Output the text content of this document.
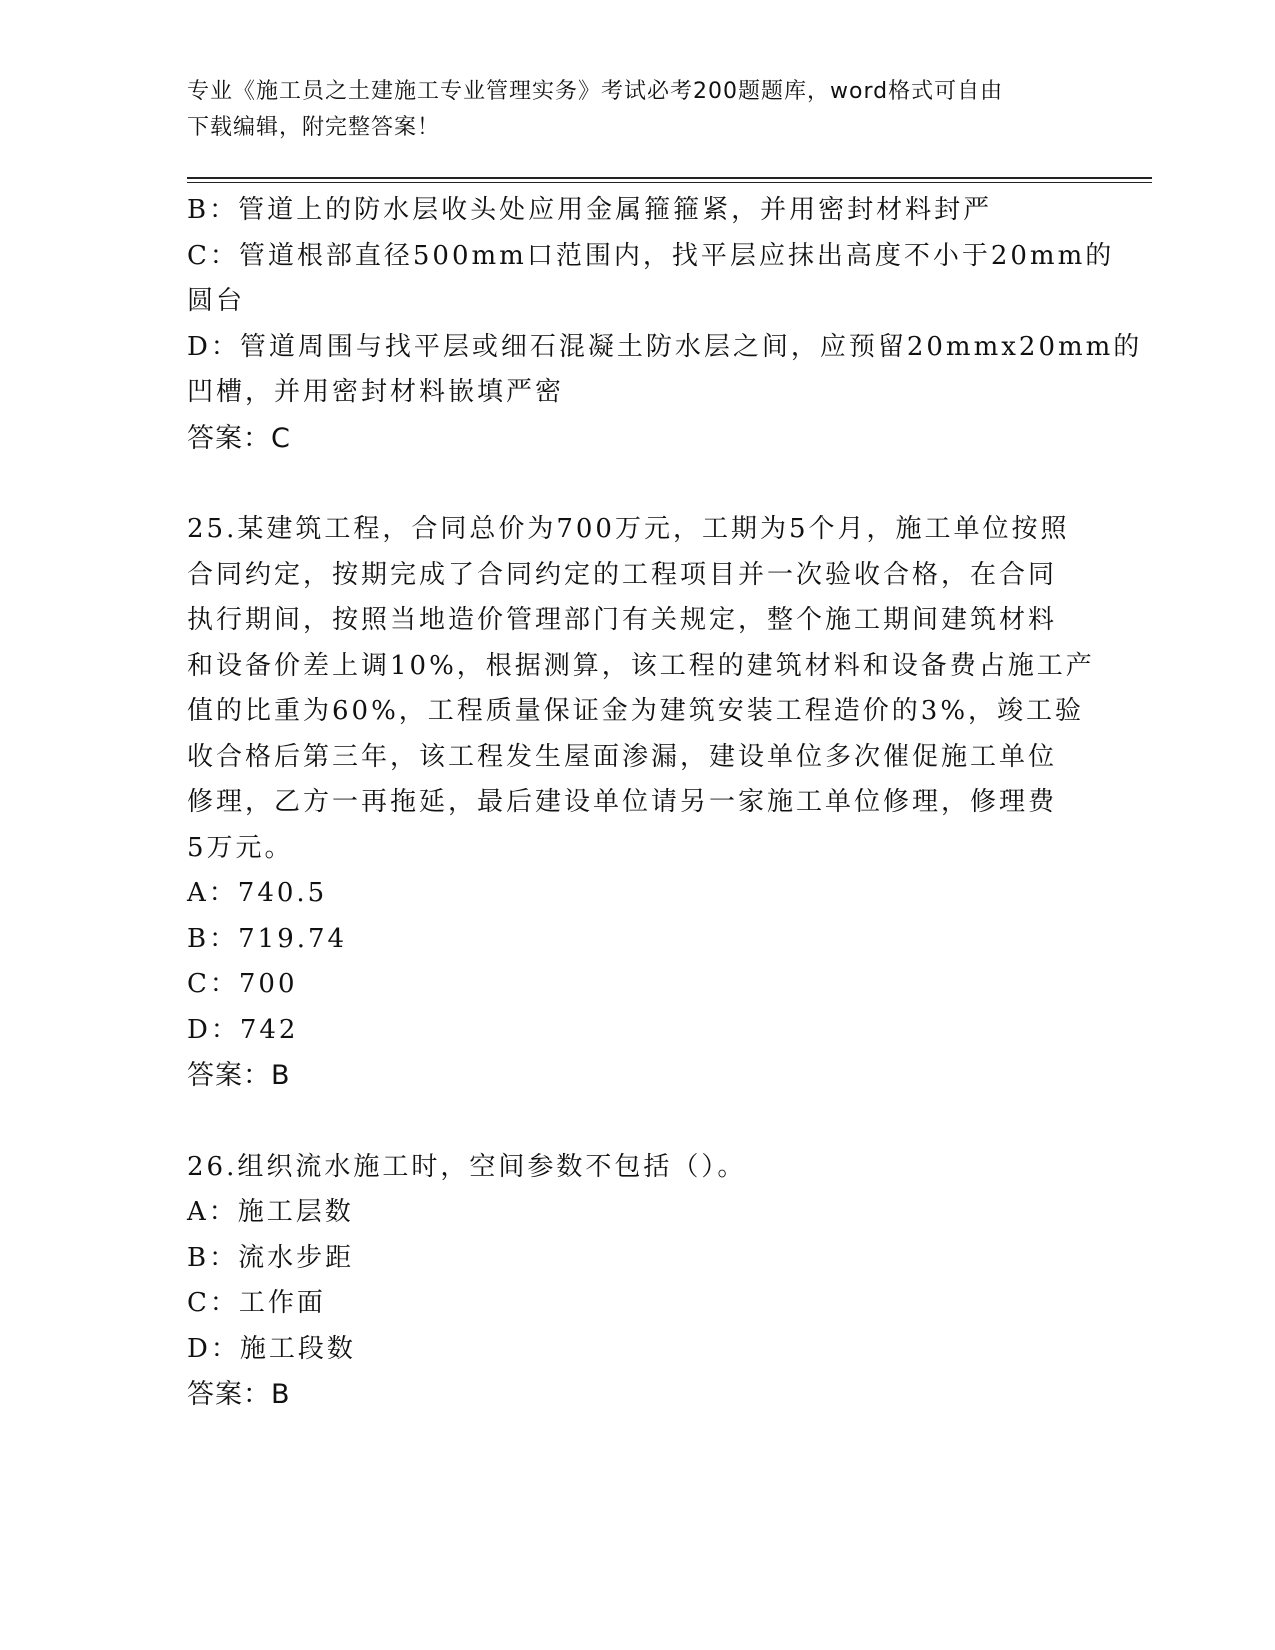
专业《施工员之土建施工专业管理实务》考试必考200题题库，word格式可自由
下载编辑，附完整答案！
B：管道上的防水层收头处应用金属箍箍紧，并用密封材料封严
C：管道根部直径500mm口范围内，找平层应抹出高度不小于20mm的
圆台
D：管道周围与找平层或细石混凝土防水层之间，应预留20mmx20mm的
凹槽，并用密封材料嵌填严密
答案：C
25.某建筑工程，合同总价为700万元，工期为5个月，施工单位按照
合同约定，按期完成了合同约定的工程项目并一次验收合格，在合同
执行期间，按照当地造价管理部门有关规定，整个施工期间建筑材料
和设备价差上调10%，根据测算，该工程的建筑材料和设备费占施工产
值的比重为60%，工程质量保证金为建筑安装工程造价的3%，竣工验
收合格后第三年，该工程发生屋面渗漏，建设单位多次催促施工单位
修理，乙方一再拖延，最后建设单位请另一家施工单位修理，修理费
5万元。
A：740.5
B：719.74
C：700
D：742
答案：B
26.组织流水施工时，空间参数不包括（）。
A：施工层数
B：流水步距
C：工作面
D：施工段数
答案：B
